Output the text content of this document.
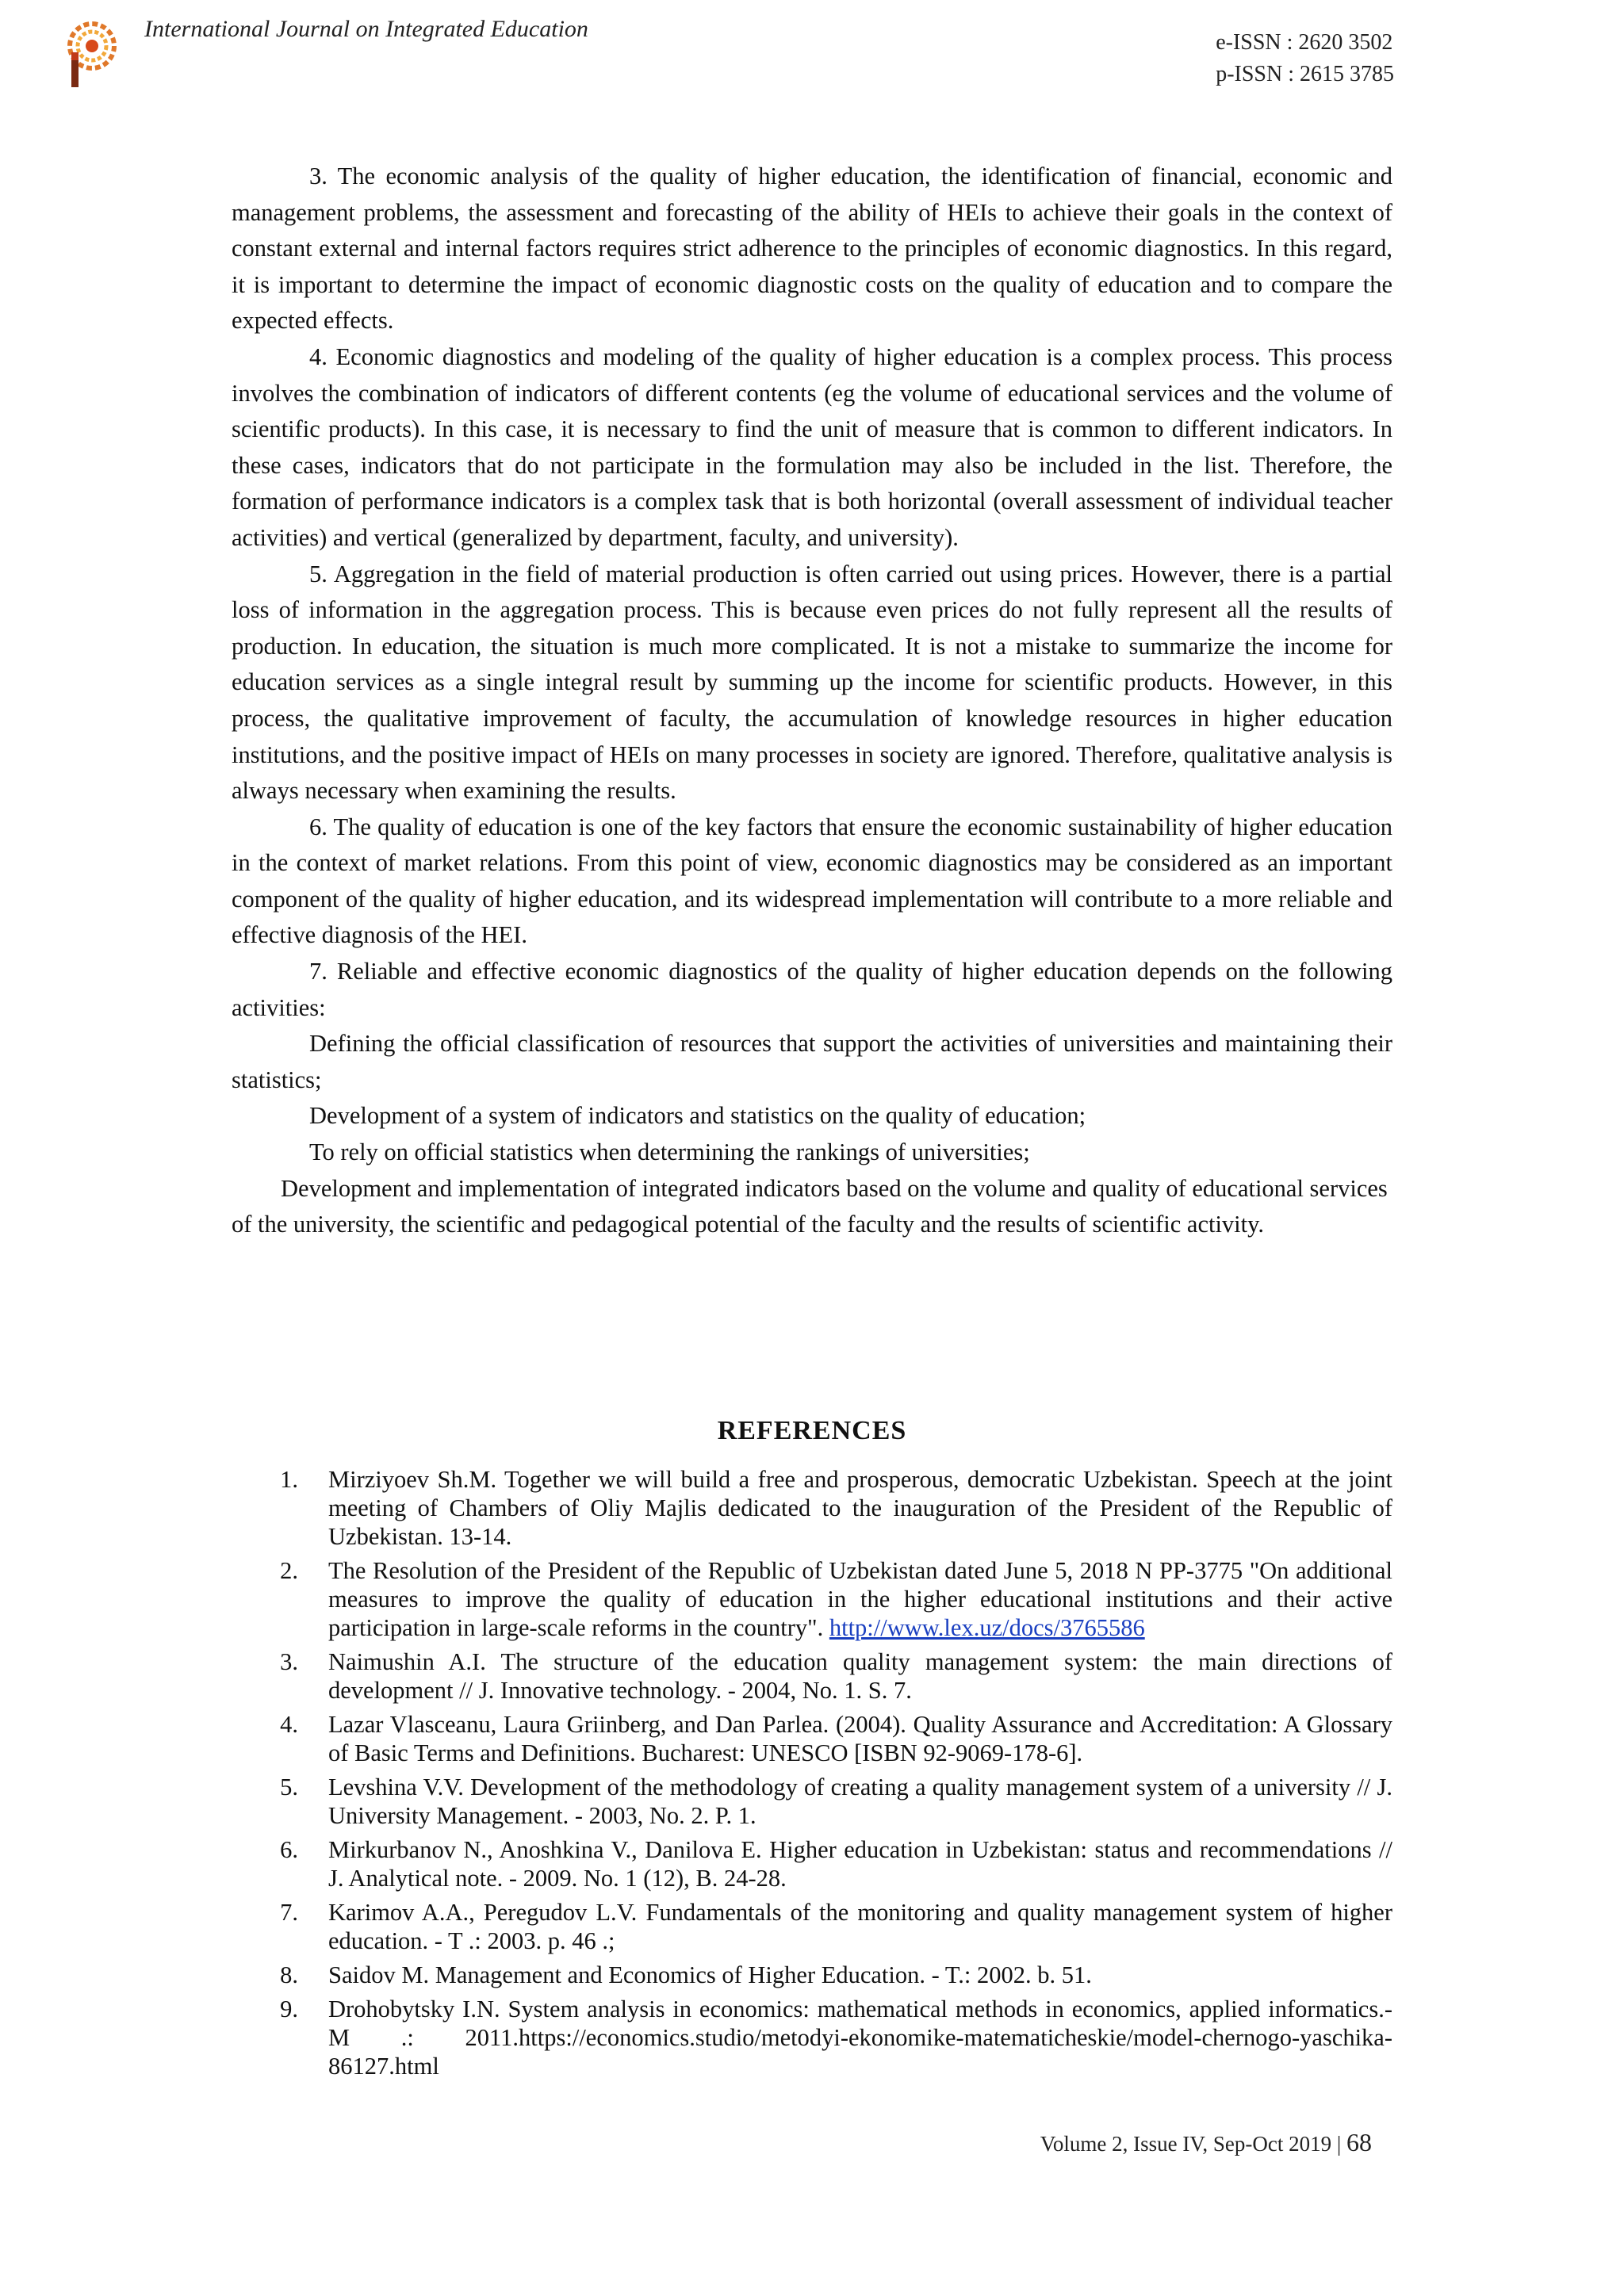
International Journal on Integrated Education
e-ISSN : 2620 3502
p-ISSN : 2615 3785

3. The economic analysis of the quality of higher education, the identification of financial, economic and management problems, the assessment and forecasting of the ability of HEIs to achieve their goals in the context of constant external and internal factors requires strict adherence to the principles of economic diagnostics. In this regard, it is important to determine the impact of economic diagnostic costs on the quality of education and to compare the expected effects.

4. Economic diagnostics and modeling of the quality of higher education is a complex process. This process involves the combination of indicators of different contents (eg the volume of educational services and the volume of scientific products). In this case, it is necessary to find the unit of measure that is common to different indicators. In these cases, indicators that do not participate in the formulation may also be included in the list. Therefore, the formation of performance indicators is a complex task that is both horizontal (overall assessment of individual teacher activities) and vertical (generalized by department, faculty, and university).

5. Aggregation in the field of material production is often carried out using prices. However, there is a partial loss of information in the aggregation process. This is because even prices do not fully represent all the results of production. In education, the situation is much more complicated. It is not a mistake to summarize the income for education services as a single integral result by summing up the income for scientific products. However, in this process, the qualitative improvement of faculty, the accumulation of knowledge resources in higher education institutions, and the positive impact of HEIs on many processes in society are ignored. Therefore, qualitative analysis is always necessary when examining the results.

6. The quality of education is one of the key factors that ensure the economic sustainability of higher education in the context of market relations. From this point of view, economic diagnostics may be considered as an important component of the quality of higher education, and its widespread implementation will contribute to a more reliable and effective diagnosis of the HEI.

7. Reliable and effective economic diagnostics of the quality of higher education depends on the following activities:

Defining the official classification of resources that support the activities of universities and maintaining their statistics;

Development of a system of indicators and statistics on the quality of education;

To rely on official statistics when determining the rankings of universities;

Development and implementation of integrated indicators based on the volume and quality of educational services of the university, the scientific and pedagogical potential of the faculty and the results of scientific activity.

REFERENCES
1.	Mirziyoev Sh.M. Together we will build a free and prosperous, democratic Uzbekistan. Speech at the joint meeting of Chambers of Oliy Majlis dedicated to the inauguration of the President of the Republic of Uzbekistan. 13-14.
2.	The Resolution of the President of the Republic of Uzbekistan dated June 5, 2018 N PP-3775 "On additional measures to improve the quality of education in the higher educational institutions and their active participation in large-scale reforms in the country". http://www.lex.uz/docs/3765586
3.	Naimushin A.I. The structure of the education quality management system: the main directions of development // J. Innovative technology. - 2004, No. 1. S. 7.
4.	Lazar Vlasceanu, Laura Griinberg, and Dan Parlea. (2004). Quality Assurance and Accreditation: A Glossary of Basic Terms and Definitions. Bucharest: UNESCO [ISBN 92-9069-178-6].
5.	Levshina V.V. Development of the methodology of creating a quality management system of a university // J. University Management. - 2003, No. 2. P. 1.
6.	Mirkurbanov N., Anoshkina V., Danilova E. Higher education in Uzbekistan: status and recommendations // J. Analytical note. - 2009. No. 1 (12), B. 24-28.
7.	Karimov A.A., Peregudov L.V. Fundamentals of the monitoring and quality management system of higher education. - T .: 2003. p. 46 .;
8.	Saidov M. Management and Economics of Higher Education. - T.: 2002. b. 51.
9.	Drohobytsky I.N. System analysis in economics: mathematical methods in economics, applied informatics.-M .: 2011.https://economics.studio/metodyi-ekonomike-matematicheskie/model-chernogo-yaschika-86127.html
Volume 2, Issue IV, Sep-Oct 2019 | 68
